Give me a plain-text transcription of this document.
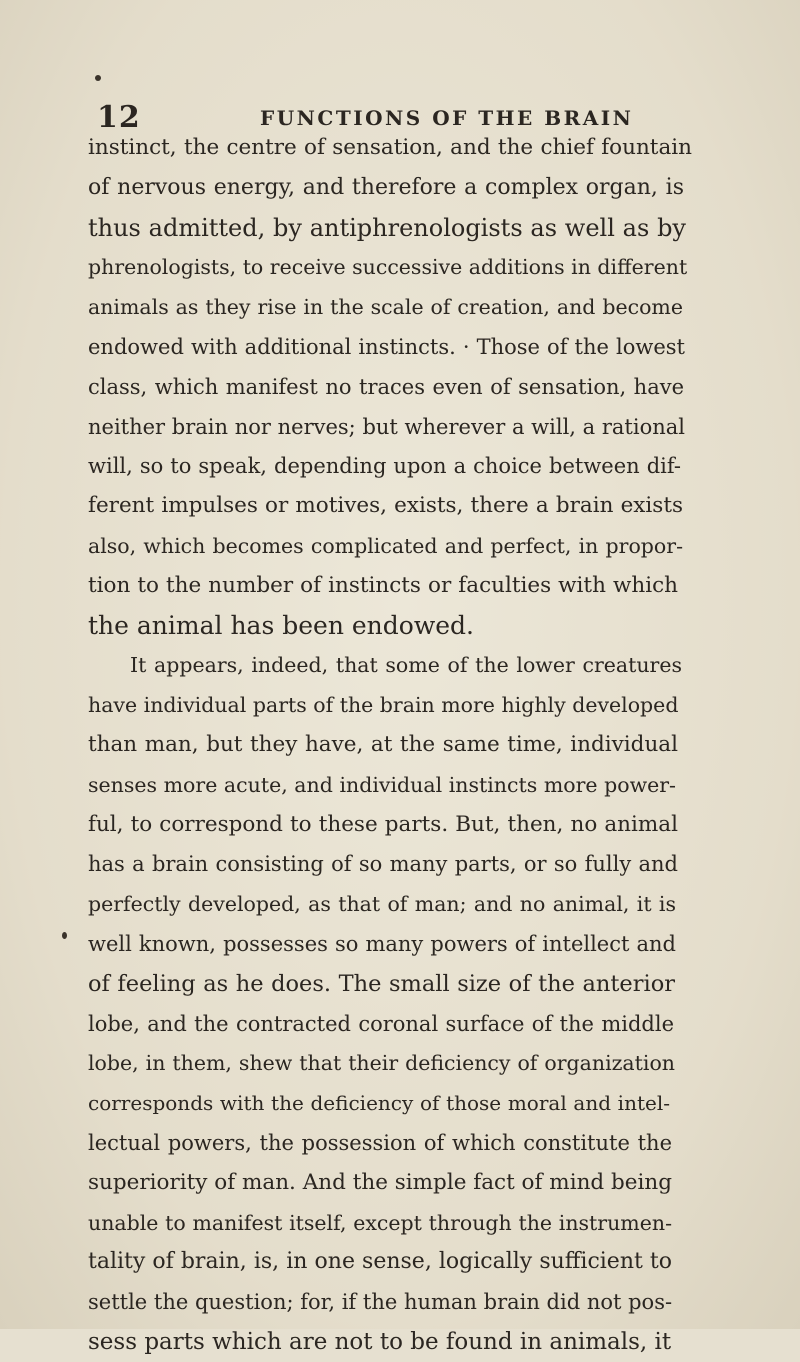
12	FUNCTIONS OF THE BRAIN
instinct, the centre of sensation, and the chief fountain
of nervous energy, and therefore a complex organ, is
thus admitted, by antiphrenologists as well as by
phrenologists, to receive successive additions in different
animals as they rise in the scale of creation, and become
endowed with additional instincts. · Those of the lowest
class, which manifest no traces even of sensation, have
neither brain nor nerves; but wherever a will, a rational
will, so to speak, depending upon a choice between dif-
ferent impulses or motives, exists, there a brain exists
also, which becomes complicated and perfect, in propor-
tion to the number of instincts or faculties with which
the animal has been endowed.
It appears, indeed, that some of the lower creatures
have individual parts of the brain more highly developed
than man, but they have, at the same time, individual
senses more acute, and individual instincts more power-
ful, to correspond to these parts. But, then, no animal
has a brain consisting of so many parts, or so fully and
perfectly developed, as that of man; and no animal, it is
well known, possesses so many powers of intellect and
of feeling as he does. The small size of the anterior
lobe, and the contracted coronal surface of the middle
lobe, in them, shew that their deficiency of organization
corresponds with the deficiency of those moral and intel-
lectual powers, the possession of which constitute the
superiority of man. And the simple fact of mind being
unable to manifest itself, except through the instrumen-
tality of brain, is, in one sense, logically sufficient to
settle the question; for, if the human brain did not pos-
sess parts which are not to be found in animals, it
